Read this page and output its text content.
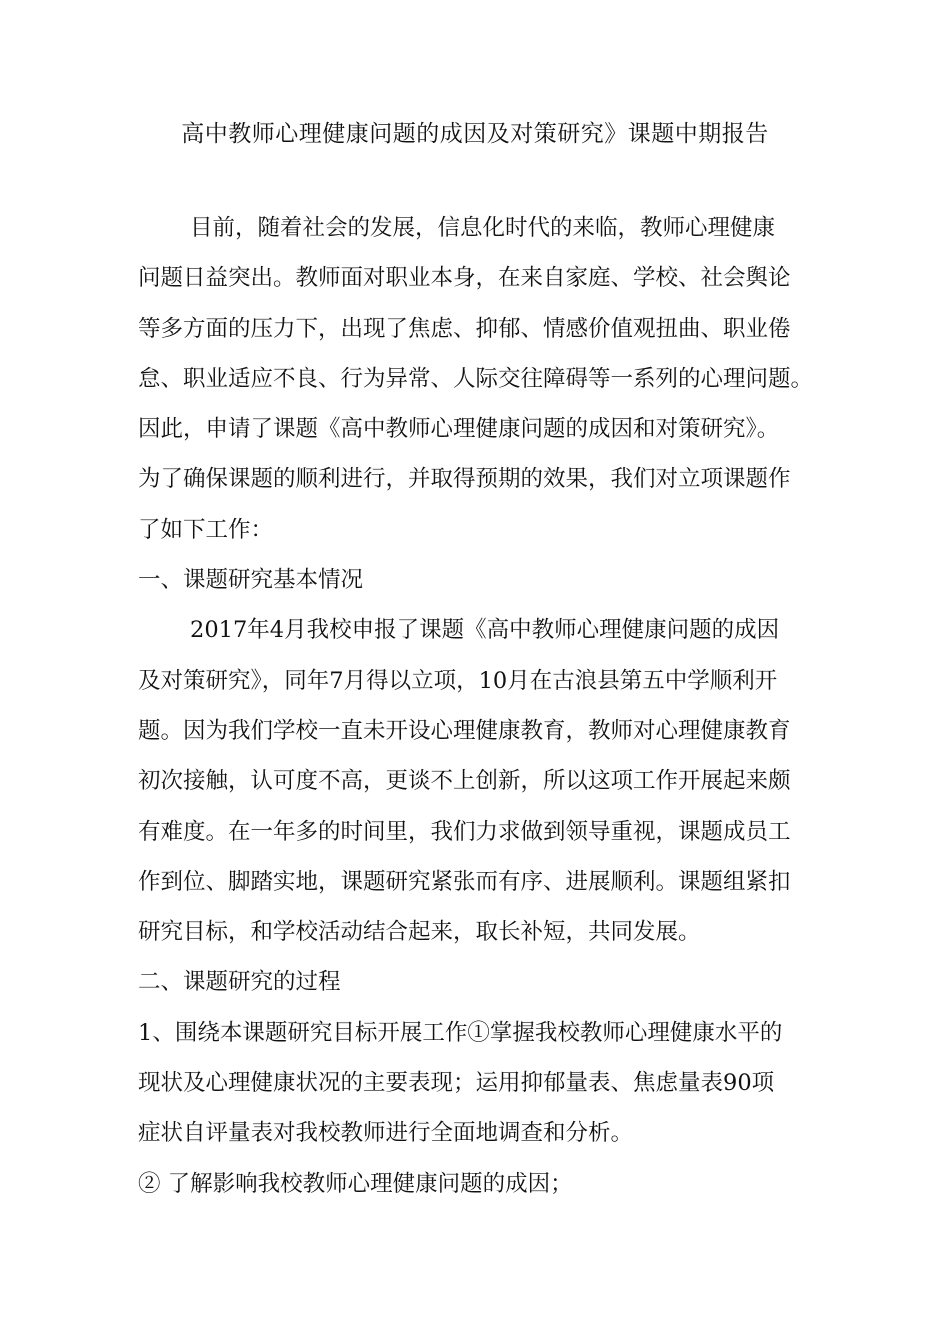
高中教师心理健康问题的成因及对策研究》课题中期报告
目前，随着社会的发展，信息化时代的来临，教师心理健康
问题日益突出。教师面对职业本身，在来自家庭、学校、社会舆论
等多方面的压力下，出现了焦虑、抑郁、情感价值观扭曲、职业倦
怠、职业适应不良、行为异常、人际交往障碍等一系列的心理问题。
因此，申请了课题《高中教师心理健康问题的成因和对策研究》。
为了确保课题的顺利进行，并取得预期的效果，我们对立项课题作
了如下工作：
一、课题研究基本情况
2017年4月我校申报了课题《高中教师心理健康问题的成因
及对策研究》，同年7月得以立项，10月在古浪县第五中学顺利开
题。因为我们学校一直未开设心理健康教育，教师对心理健康教育
初次接触，认可度不高，更谈不上创新，所以这项工作开展起来颇
有难度。在一年多的时间里，我们力求做到领导重视，课题成员工
作到位、脚踏实地，课题研究紧张而有序、进展顺利。课题组紧扣
研究目标，和学校活动结合起来，取长补短，共同发展。
二、课题研究的过程
1、围绕本课题研究目标开展工作①掌握我校教师心理健康水平的
现状及心理健康状况的主要表现；运用抑郁量表、焦虑量表90项
症状自评量表对我校教师进行全面地调查和分析。
② 了解影响我校教师心理健康问题的成因；
